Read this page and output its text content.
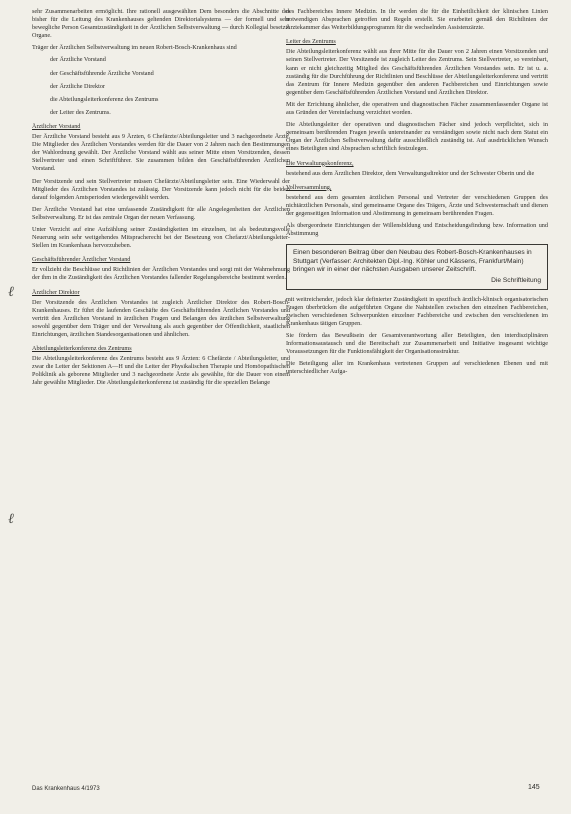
sehr Zusammenarbeiten ermöglicht. Ihre rationell ausgewählten Dem besonders die Abschnitte des bisher für die Leitung des Krankenhauses geltenden Direktorialsystems — der formell und sehr bewegliche Person Gesamtzuständigkeit in der Ärztlichen Selbstverwaltung — durch Kollegial besetzte Organe.

Träger der Ärztlichen Selbstverwaltung im neuen Robert-Bosch-Krankenhaus sind

der Ärztliche Vorstand
der Geschäftsführende Ärztliche Vorstand
der Ärztliche Direktor
die Abteilungsleiterkonferenz des Zentrums
der Leiter des Zentrums.
Ärztlicher Vorstand

Der Ärztliche Vorstand besteht aus 9 Ärzten, 6 Chefärzte/Abteilungsleiter und 3 nachgeordnete Ärzte. Die Mitglieder des Ärztlichen Vorstandes werden für die Dauer von 2 Jahren nach den Bestimmungen der Wahlordnung gewählt. Der Ärztliche Vorstand wählt aus seiner Mitte einen Vorsitzenden, dessen Stellvertreter und einen Schriftführer. Sie zusammen bilden den Geschäftsführenden Ärztlichen Vorstand.

Der Vorsitzende und sein Stellvertreter müssen Chefärzte/Abteilungsleiter sein. Eine Wiederwahl der Mitglieder des Ärztlichen Vorstandes ist zulässig. Der Vorsitzende kann jedoch nicht für die beiden darauf folgenden Amtsperioden wiedergewählt werden.

Der Ärztliche Vorstand hat eine umfassende Zuständigkeit für alle Angelegenheiten der Ärztlichen Selbstverwaltung. Er ist das zentrale Organ der neuen Verfassung.

Unter Verzicht auf eine Aufzählung seiner Zuständigkeiten im einzelnen, ist als bedeutungsvolle Neuerung sein sehr weitgehendes Mitspracherecht bei der Besetzung von Chefarzt/Abteilungsleiter-Stellen im Krankenhaus hervorzuheben.

Geschäftsführender Ärztlicher Vorstand

Er vollzieht die Beschlüsse und Richtlinien der Ärztlichen Vorstandes und sorgt mit der Wahrnehmung der ihm in die Zuständigkeit des Ärztlichen Vorstandes fallender Regelungsbereiche bestimmt werden.

Ärztlicher Direktor

Der Vorsitzende des Ärztlichen Vorstandes ist zugleich Ärztlicher Direktor des Robert-Bosch-Krankenhauses. Er führt die laufenden Geschäfte des Geschäftsführenden Ärztlichen Vorstandes und vertritt den Ärztlichen Vorstand in ärztlichen Fragen und Belangen des ärztlichen Selbstverwaltung sowohl gegenüber dem Träger und der Verwaltung als auch gegenüber der Öffentlichkeit, staatlichen Einrichtungen, ärztlichen Standesorganisationen und ähnlichen.

Abteilungsleiterkonferenz des Zentrums

Die Abteilungsleiterkonferenz des Zentrums besteht aus 9 Ärzten: 6 Chefärzte / Abteilungsleiter, und zwar die Leiter der Sektionen A—H und die Leiter der Physikalischen Therapie und Homöopathischen Poliklinik als geborene Mitglieder und 3 nachgeordnete Ärzte als gewählte, für die Dauer von einem Jahr gewählte Mitglieder. Die Abteilungsleiterkonferenz ist zuständig für die speziellen Belange

des Fachbereiches Innere Medizin. In ihr werden die für die Einheitlichkeit der klinischen Linien notwendigen Absprachen getroffen und Regeln erstellt. Sie erarbeitet gemäß den Richtlinien der Ärztekammer das Weiterbildungsprogramm für die wechselnden Assistenzärzte.

Leiter des Zentrums

Die Abteilungsleiterkonferenz wählt aus ihrer Mitte für die Dauer von 2 Jahren einen Vorsitzenden und seinen Stellvertreter. Der Vorsitzende ist zugleich Leiter des Zentrums. Sein Stellvertreter, so vereinbart, kann er nicht gleichzeitig Mitglied des Geschäftsführenden Ärztlichen Vorstandes sein. Er ist u. a. zuständig für die Durchführung der Richtlinien und Beschlüsse der Abteilungsleiterkonferenz und vertritt das Zentrum für Innere Medizin gegenüber den anderen Fachbereichen und Einrichtungen sowie gegenüber dem Geschäftsführenden Ärztlichen Vorstand und Ärztlichen Direktor.

Mit der Errichtung ähnlicher, die operativen und diagnostischen Fächer zusammenfassender Organe ist aus Gründen der Vereinfachung verzichtet worden.

Die Abteilungsleiter der operativen und diagnostischen Fächer sind jedoch verpflichtet, sich in gemeinsam berührenden Fragen jeweils untereinander zu verständigen sowie nicht nach dem Statut ein Organ der Ärztlichen Selbstverwaltung dafür ausschließlich zuständig ist. Auf ausdrücklichen Wunsch eines Beteiligten sind Absprachen schriftlich festzulegen.

Die Verwaltungskonferenz,

bestehend aus dem Ärztlichen Direktor, dem Verwaltungsdirektor und der Schwester Oberin und die

Vollversammlung,

bestehend aus dem gesamten ärztlichen Personal und Vertreter der verschiedenen Gruppen des nichtärztlichen Personals, sind gemeinsame Organe des Trägers, Ärzte und Schwesternschaft und dienen der gegenseitigen Information und Abstimmung in gemeinsam berührenden Fragen.

Als übergeordnete Einrichtungen der Willensbildung und Entscheidungsfindung bzw. Information und Abstimmung

Einen besonderen Beitrag über den Neubau des Robert-Bosch-Krankenhauses in Stuttgart (Verfasser: Architekten Dipl.-Ing. Köhler und Kässens, Frankfurt/Main) bringen wir in einer der nächsten Ausgaben unserer Zeitschrift.
Die Schriftleitung

mit weitreichender, jedoch klar definierter Zuständigkeit in spezifisch ärztlich-klinisch organisatorischen Fragen überbrücken die aufgeführten Organe die Nahtstellen zwischen den einzelnen Fachbereichen, zwischen verschiedenen Schwerpunkten einzelner Fachbereiche und zwischen den verschiedenen im Krankenhaus tätigen Gruppen.

Sie fördern das Bewußtsein der Gesamtverantwortung aller Beteiligten, den interdisziplinären Informationsaustausch und die Bereitschaft zur Zusammenarbeit und Initiative insgesamt wichtige Voraussetzungen für die Funktionsfähigkeit der Organisationsstruktur.

Die Beteiligung aller im Krankenhaus vertretenen Gruppen auf verschiedenen Ebenen und mit unterschiedlicher Aufga-

ℓ
ℓ
Das Krankenhaus 4/1973	145
